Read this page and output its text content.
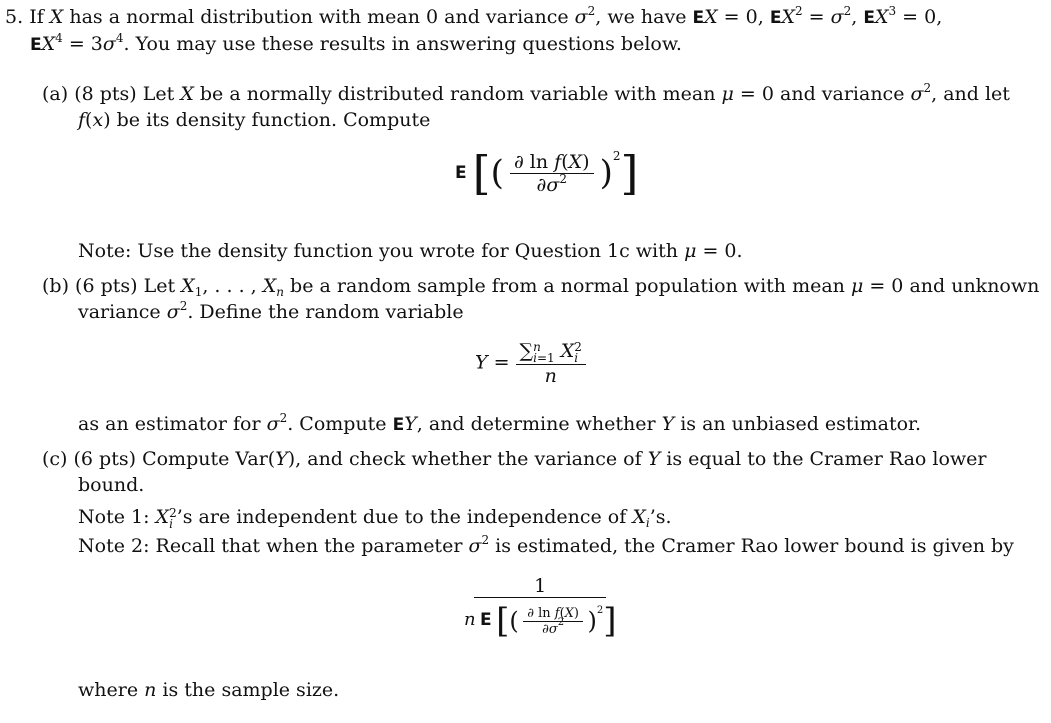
5. If X has a normal distribution with mean 0 and variance $\sigma^2$, we have EX = 0, $EX^2 = \sigma^2$, $EX^3 = 0$,
$EX^4 = 3\sigma^4$. You may use these results in answering questions below.
(a) (8 pts) Let X be a normally distributed random variable with mean μ = 0 and variance $\sigma^2$, and let
f(x) be its density function. Compute
E [( $\frac{\text{∂ ln f(X)}}{\partial\sigma^2} )^2$]
Note: Use the density function you wrote for Question 1c with μ = 0.
(b) (6 pts) Let $X_1$, . . . , $X_n$ be a random sample from a normal population with mean μ = 0 and unknown
variance $\sigma^2$. Define the random variable
Y =
∑n
i=1 X2
i
n
as an estimator for $\sigma^2$. Compute EY, and determine whether Y is an unbiased estimator.
(c) (6 pts) Compute Var(Y), and check whether the variance of Y is equal to the Cramer Rao lower
bound.
Note 1: X2
i ’s are independent due to the independence of $X_i’s$.
Note 2: Recall that when the parameter $\sigma^2$ is estimated, the Cramer Rao lower bound is given by
1
n E [( $\frac{\text{∂ ln f(X)}}{\partial\sigma^2} )^2$]
where n is the sample size.
